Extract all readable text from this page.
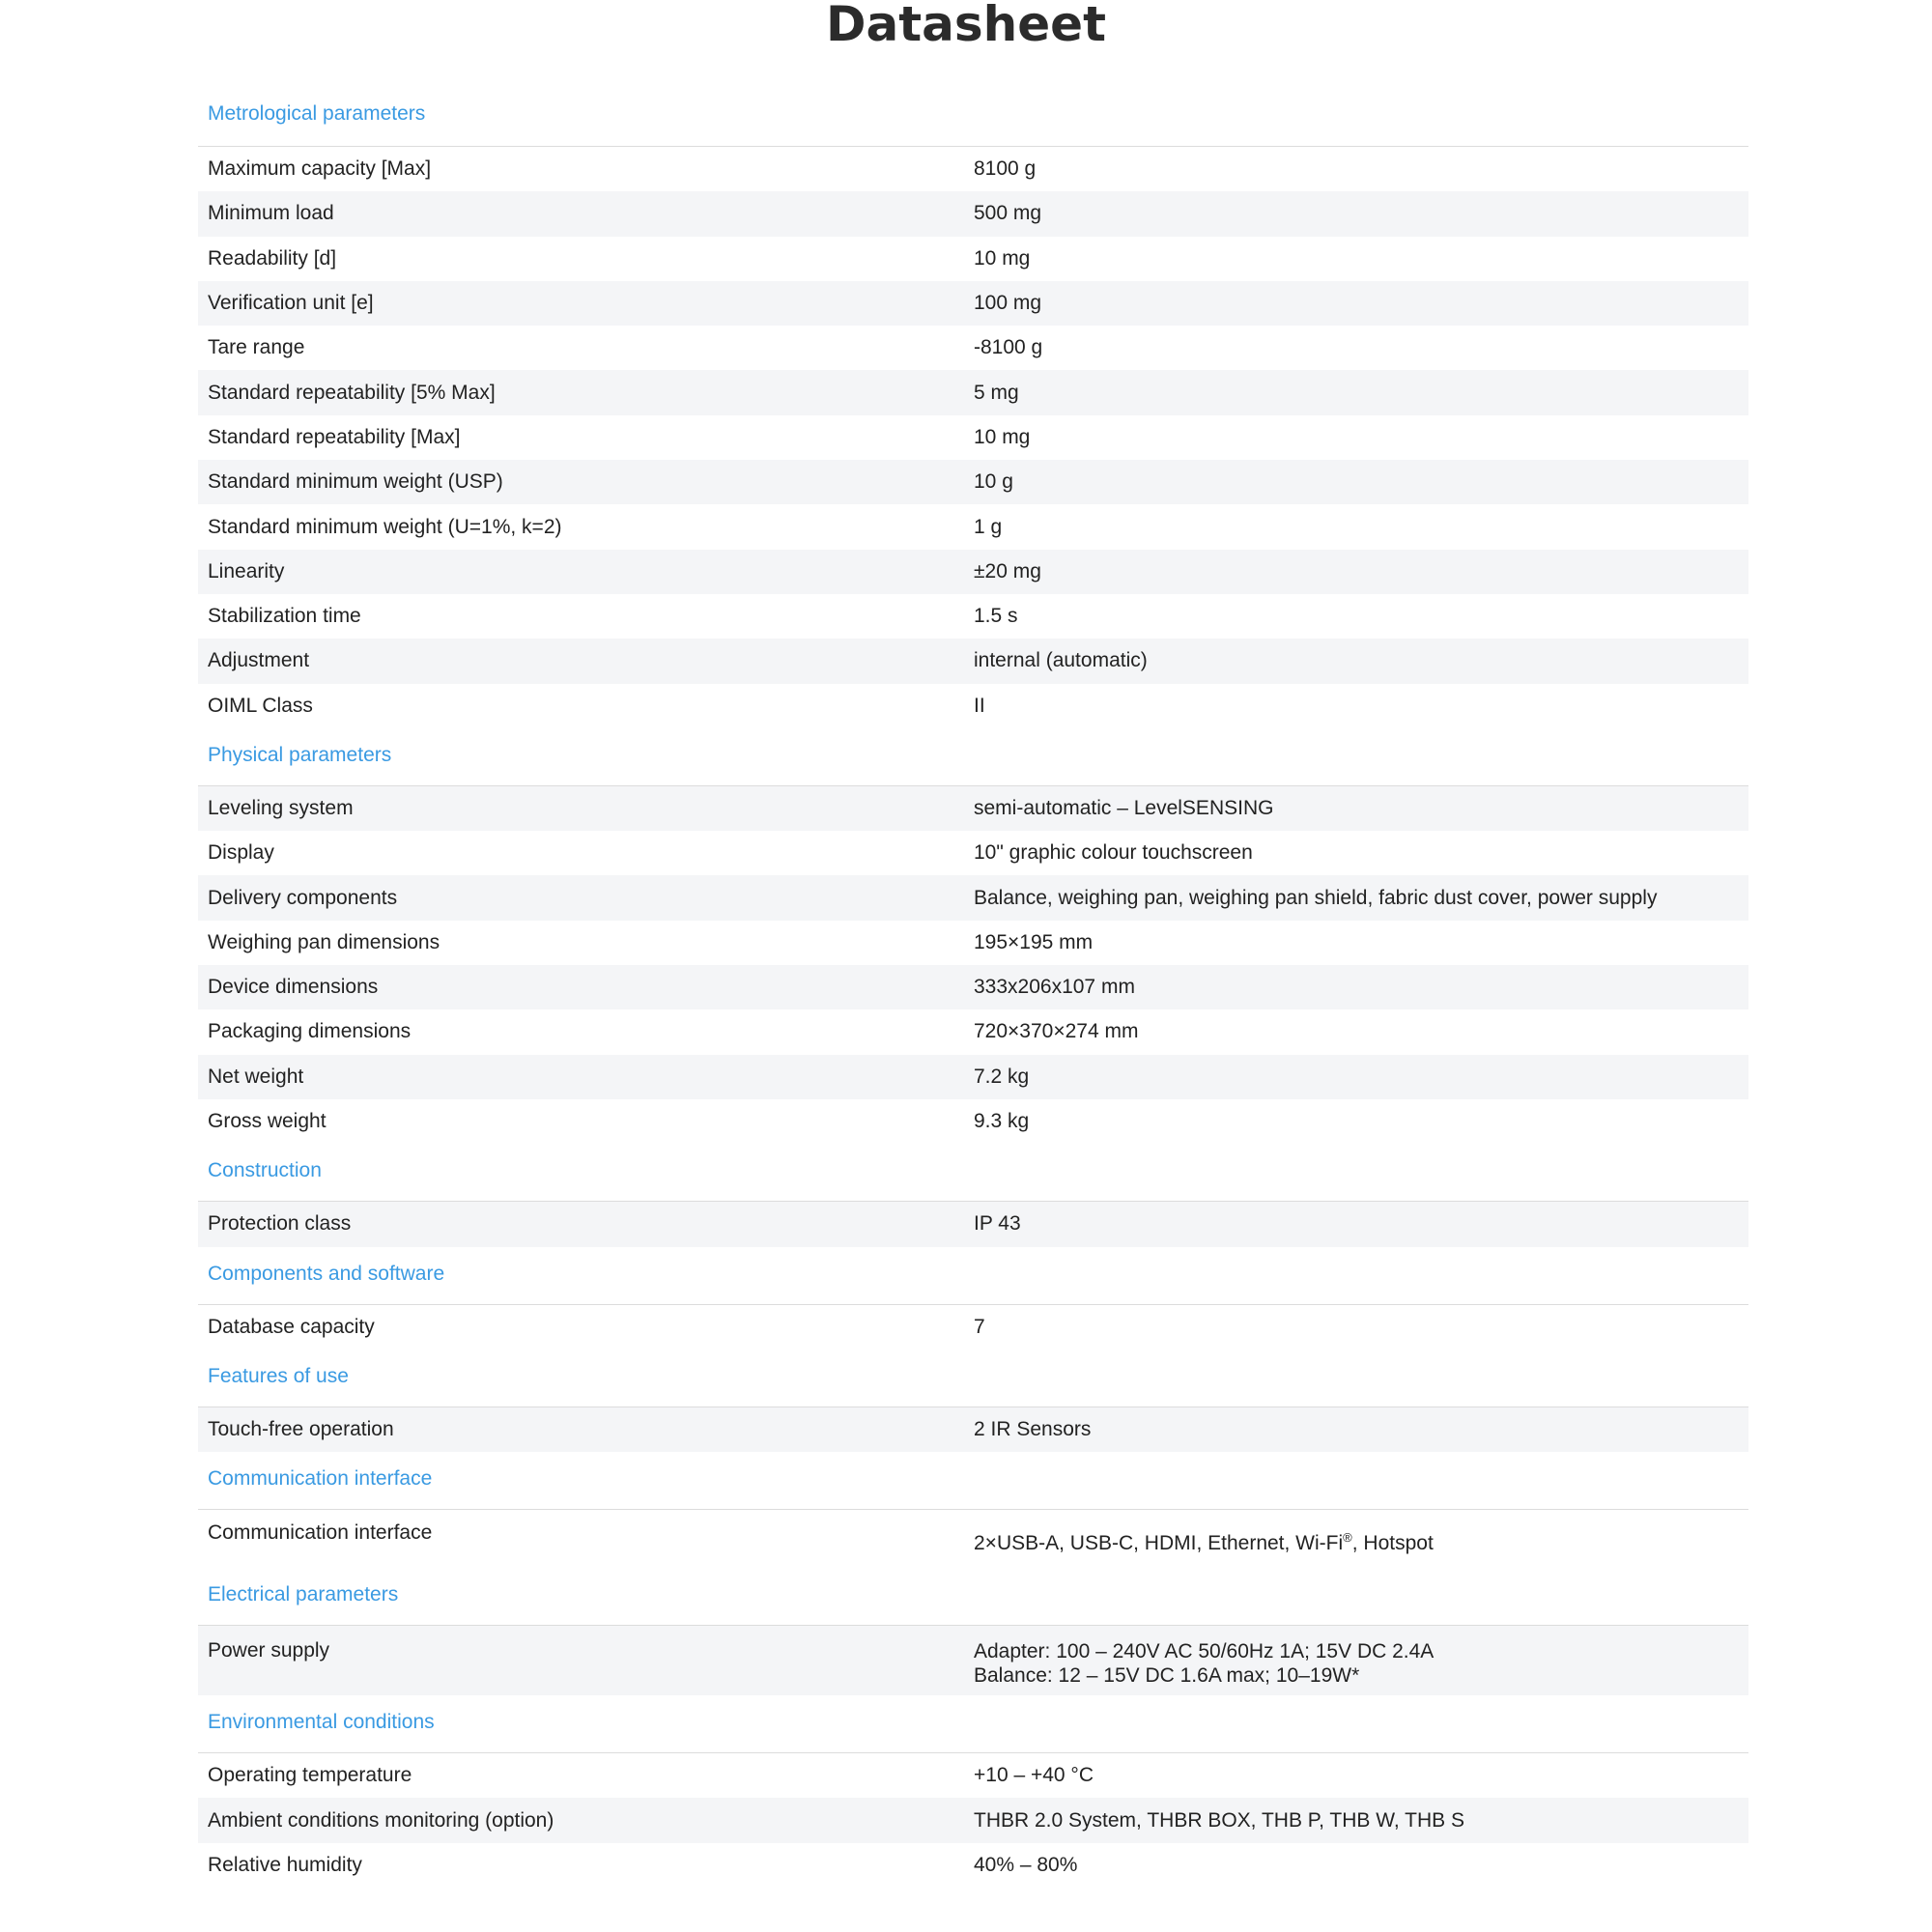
Datasheet
Metrological parameters
Maximum capacity [Max]	8100 g
Minimum load	500 mg
Readability [d]	10 mg
Verification unit [e]	100 mg
Tare range	-8100 g
Standard repeatability [5% Max]	5 mg
Standard repeatability [Max]	10 mg
Standard minimum weight (USP)	10 g
Standard minimum weight (U=1%, k=2)	1 g
Linearity	±20 mg
Stabilization time	1.5 s
Adjustment	internal (automatic)
OIML Class	II
Physical parameters
Leveling system	semi-automatic – LevelSENSING
Display	10" graphic colour touchscreen
Delivery components	Balance, weighing pan, weighing pan shield, fabric dust cover, power supply
Weighing pan dimensions	195×195 mm
Device dimensions	333x206x107 mm
Packaging dimensions	720×370×274 mm
Net weight	7.2 kg
Gross weight	9.3 kg
Construction
Protection class	IP 43
Components and software
Database capacity	7
Features of use
Touch-free operation	2 IR Sensors
Communication interface
Communication interface	2×USB-A, USB-C, HDMI, Ethernet, Wi-Fi®, Hotspot
Electrical parameters
Power supply	Adapter: 100 – 240V AC 50/60Hz 1A; 15V DC 2.4A
Balance: 12 – 15V DC 1.6A max; 10–19W*
Environmental conditions
Operating temperature	+10 – +40 °C
Ambient conditions monitoring (option)	THBR 2.0 System, THBR BOX, THB P, THB W, THB S
Relative humidity	40% – 80%
